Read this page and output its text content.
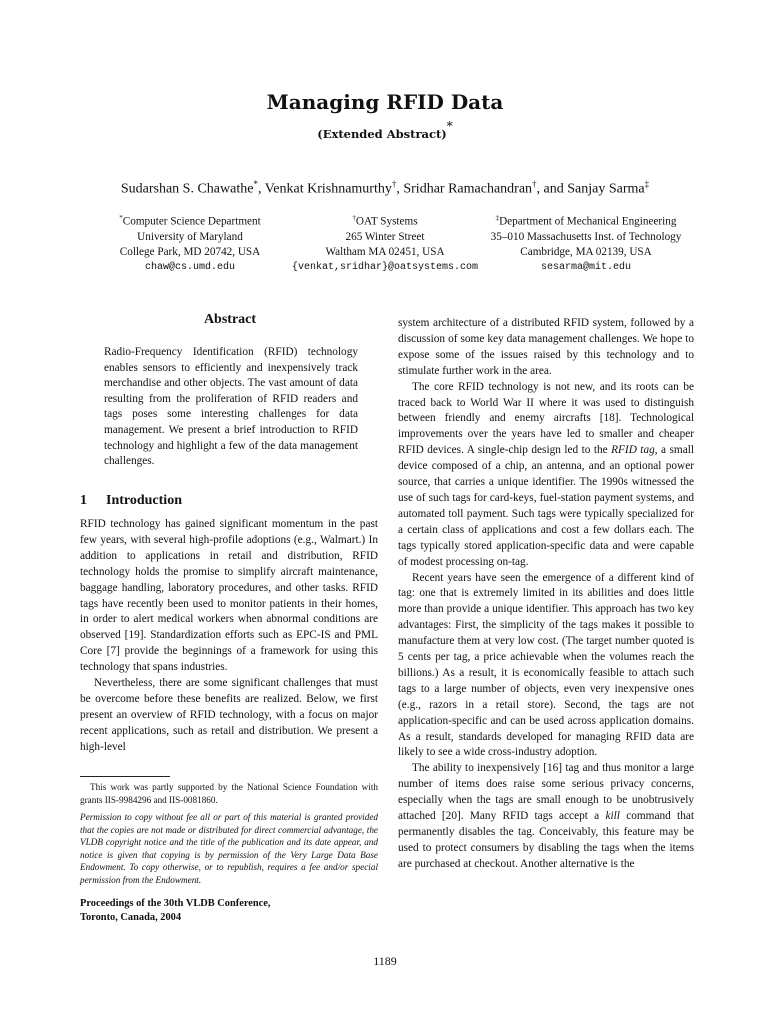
Managing RFID Data
(Extended Abstract)*
Sudarshan S. Chawathe*, Venkat Krishnamurthy†, Sridhar Ramachandran†, and Sanjay Sarma‡
*Computer Science Department
University of Maryland
College Park, MD 20742, USA
chaw@cs.umd.edu
†OAT Systems
265 Winter Street
Waltham MA 02451, USA
{venkat,sridhar}@oatsystems.com
‡Department of Mechanical Engineering
35–010 Massachusetts Inst. of Technology
Cambridge, MA 02139, USA
sesarma@mit.edu
Abstract
Radio-Frequency Identification (RFID) technology enables sensors to efficiently and inexpensively track merchandise and other objects. The vast amount of data resulting from the proliferation of RFID readers and tags poses some interesting challenges for data management. We present a brief introduction to RFID technology and highlight a few of the data management challenges.
1 Introduction

RFID technology has gained significant momentum in the past few years, with several high-profile adoptions (e.g., Walmart.) In addition to applications in retail and distribution, RFID technology holds the promise to simplify aircraft maintenance, baggage handling, laboratory procedures, and other tasks. RFID tags have recently been used to monitor patients in their homes, in order to alert medical workers when abnormal conditions are observed [19]. Standardization efforts such as EPC-IS and PML Core [7] provide the beginnings of a framework for using this technology that spans industries.

Nevertheless, there are some significant challenges that must be overcome before these benefits are realized. Below, we first present an overview of RFID technology, with a focus on major recent applications, such as retail and distribution. We present a high-level

This work was partly supported by the National Science Foundation with grants IIS-9984296 and IIS-0081860.
Permission to copy without fee all or part of this material is granted provided that the copies are not made or distributed for direct commercial advantage, the VLDB copyright notice and the title of the publication and its date appear, and notice is given that copying is by permission of the Very Large Data Base Endowment. To copy otherwise, or to republish, requires a fee and/or special permission from the Endowment.
Proceedings of the 30th VLDB Conference,
Toronto, Canada, 2004

system architecture of a distributed RFID system, followed by a discussion of some key data management challenges. We hope to expose some of the issues raised by this technology and to stimulate further work in the area.

The core RFID technology is not new, and its roots can be traced back to World War II where it was used to distinguish between friendly and enemy aircrafts [18]. Technological improvements over the years have led to smaller and cheaper RFID devices. A single-chip design led to the RFID tag, a small device composed of a chip, an antenna, and an optional power source, that carries a unique identifier. The 1990s witnessed the use of such tags for card-keys, fuel-station payment systems, and automated toll payment. Such tags were typically specialized for a certain class of applications and cost a few dollars each. The tags typically stored application-specific data and were capable of modest processing on-tag.

Recent years have seen the emergence of a different kind of tag: one that is extremely limited in its abilities and does little more than provide a unique identifier. This approach has two key advantages: First, the simplicity of the tags makes it possible to manufacture them at very low cost. (The target number quoted is 5 cents per tag, a price achievable when the volumes reach the billions.) As a result, it is economically feasible to attach such tags to a large number of objects, even very inexpensive ones (e.g., razors in a retail store). Second, the tags are not application-specific and can be used across application domains. As a result, standards developed for managing RFID data are likely to see a wide cross-industry adoption.

The ability to inexpensively [16] tag and thus monitor a large number of items does raise some serious privacy concerns, especially when the tags are small enough to be unobtrusively attached [20]. Many RFID tags accept a kill command that permanently disables the tag. Conceivably, this feature may be used to protect consumers by disabling the tags when the items are purchased at checkout. Another alternative is the

1189
